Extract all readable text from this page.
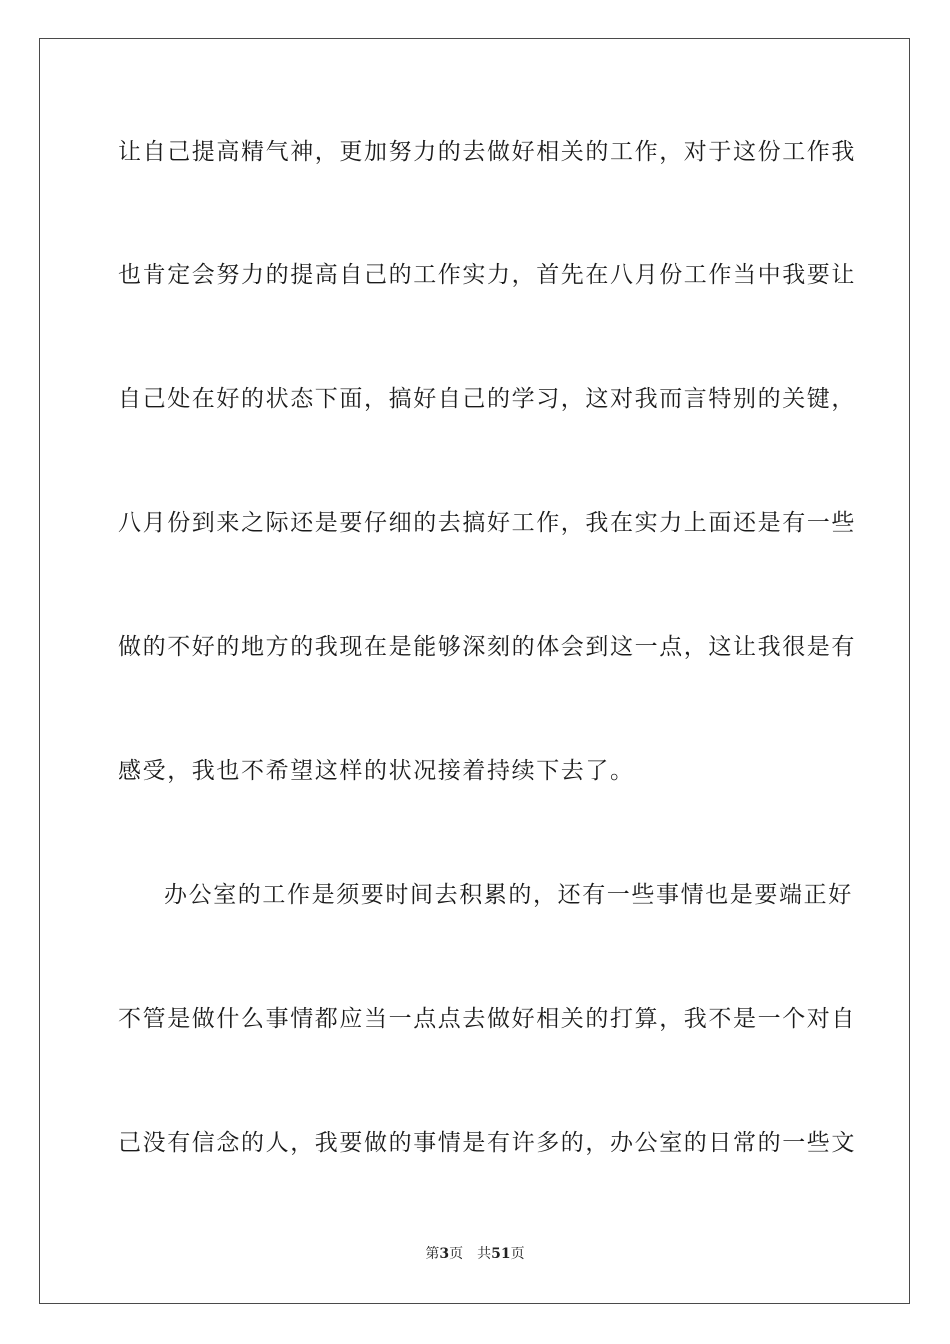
让自己提高精气神，更加努力的去做好相关的工作，对于这份工作我
也肯定会努力的提高自己的工作实力，首先在八月份工作当中我要让
自己处在好的状态下面，搞好自己的学习，这对我而言特别的关键，
八月份到来之际还是要仔细的去搞好工作，我在实力上面还是有一些
做的不好的地方的我现在是能够深刻的体会到这一点，这让我很是有
感受，我也不希望这样的状况接着持续下去了。
办公室的工作是须要时间去积累的，还有一些事情也是要端正好
不管是做什么事情都应当一点点去做好相关的打算，我不是一个对自
己没有信念的人，我要做的事情是有许多的，办公室的日常的一些文
第3页 共51页
